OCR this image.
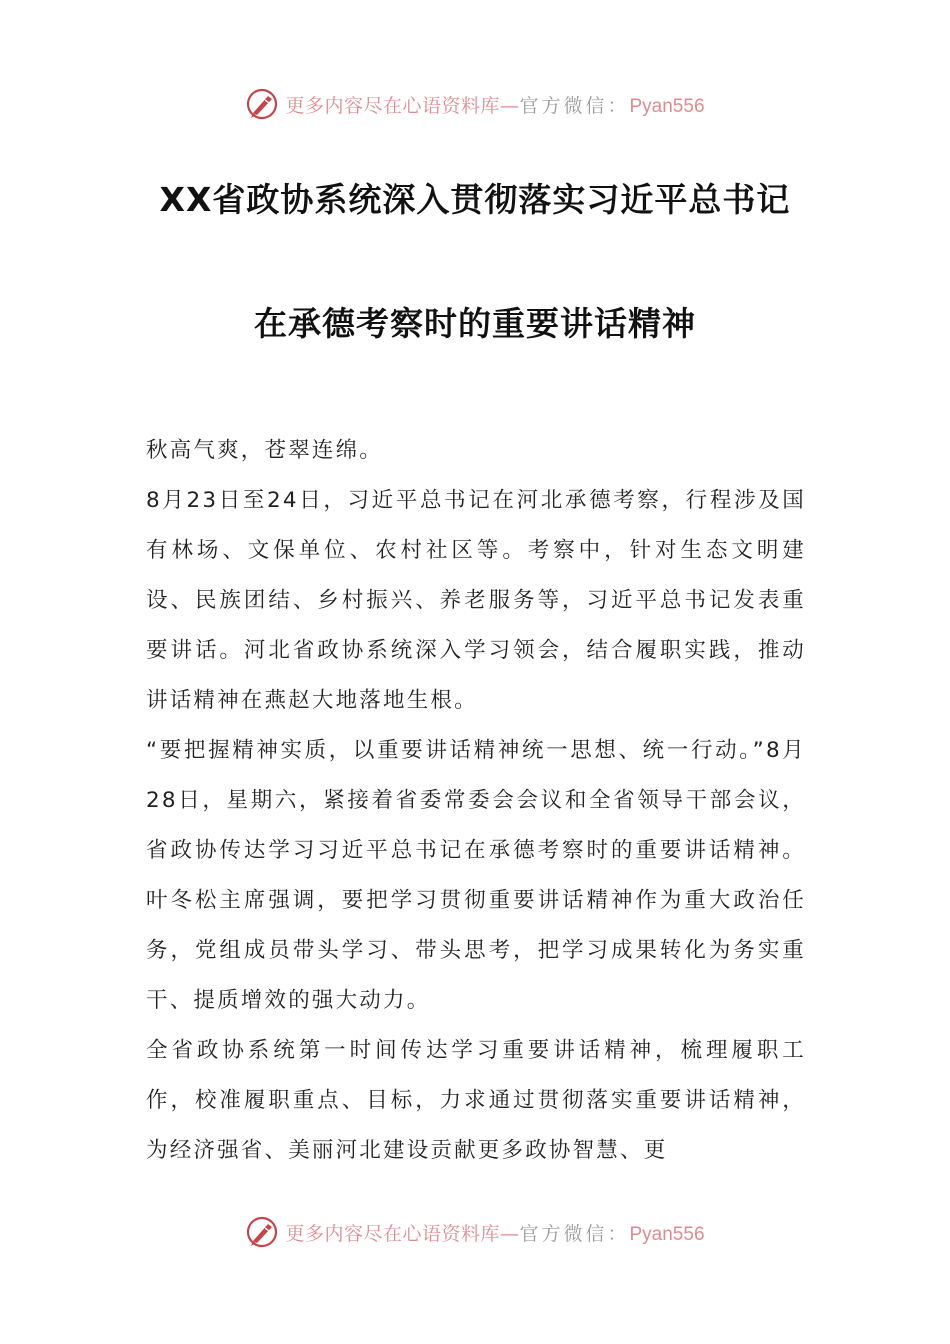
更多内容尽在心语资料库—官方微信：Pyan556
XX省政协系统深入贯彻落实习近平总书记
在承德考察时的重要讲话精神

秋高气爽，苍翠连绵。

8月23日至24日，习近平总书记在河北承德考察，行程涉及国有林场、文保单位、农村社区等。考察中，针对生态文明建设、民族团结、乡村振兴、养老服务等，习近平总书记发表重要讲话。河北省政协系统深入学习领会，结合履职实践，推动讲话精神在燕赵大地落地生根。

“要把握精神实质，以重要讲话精神统一思想、统一行动。”8月28日，星期六，紧接着省委常委会会议和全省领导干部会议，省政协传达学习习近平总书记在承德考察时的重要讲话精神。叶冬松主席强调，要把学习贯彻重要讲话精神作为重大政治任务，党组成员带头学习、带头思考，把学习成果转化为务实重干、提质增效的强大动力。

全省政协系统第一时间传达学习重要讲话精神，梳理履职工作，校准履职重点、目标，力求通过贯彻落实重要讲话精神，为经济强省、美丽河北建设贡献更多政协智慧、更

更多内容尽在心语资料库—官方微信：Pyan556
